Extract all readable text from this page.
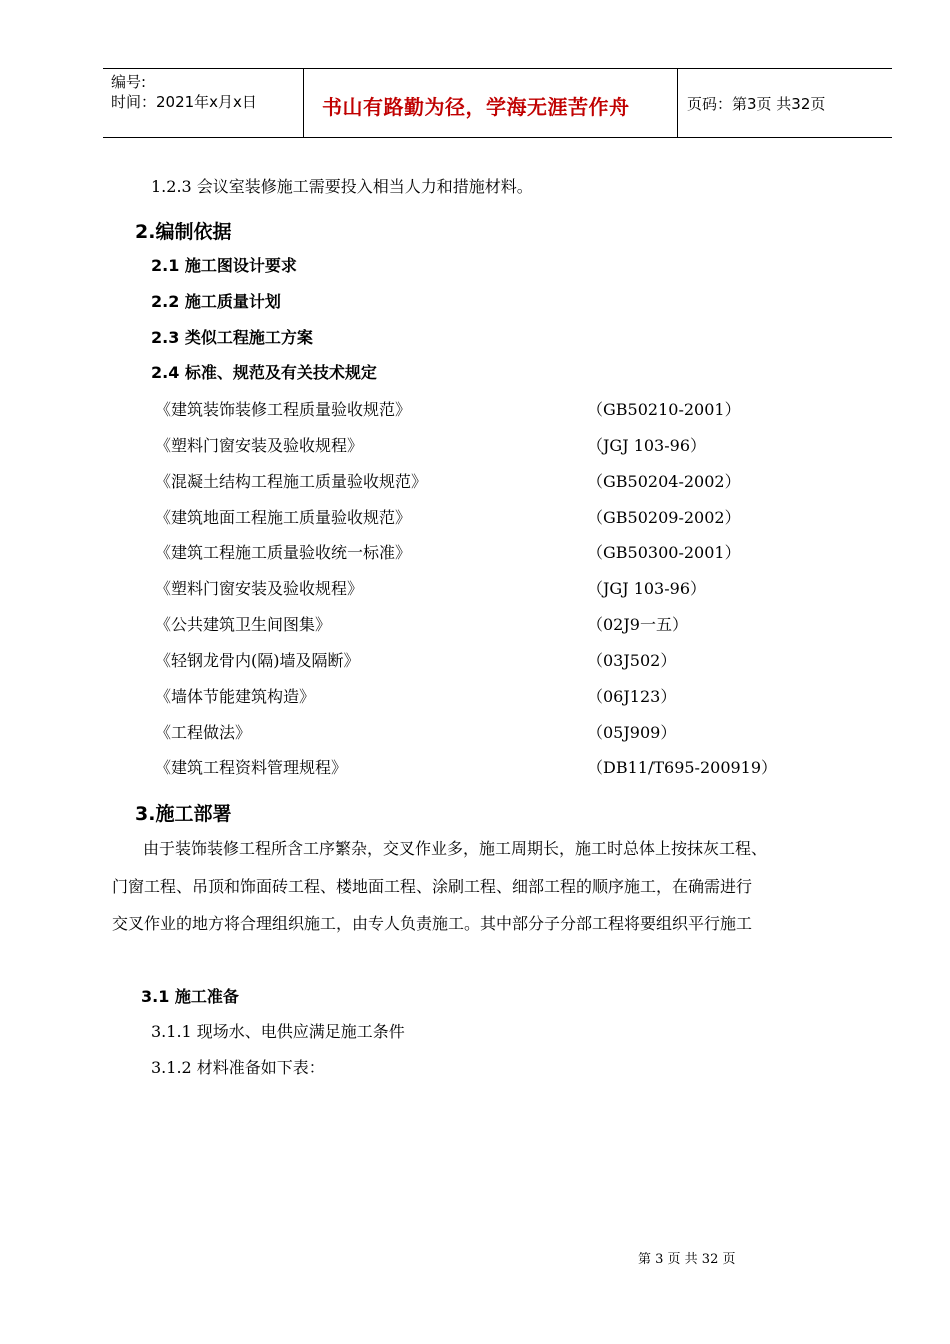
编号:
时间：2021年x月x日	书山有路勤为径，学海无涯苦作舟	页码：第3页 共32页
1.2.3 会议室装修施工需要投入相当人力和措施材料。
2.编制依据
2.1 施工图设计要求
2.2 施工质量计划
2.3 类似工程施工方案
2.4 标准、规范及有关技术规定
《建筑装饰装修工程质量验收规范》	（GB50210-2001）
《塑料门窗安装及验收规程》	（JGJ 103-96）
《混凝土结构工程施工质量验收规范》	（GB50204-2002）
《建筑地面工程施工质量验收规范》	（GB50209-2002）
《建筑工程施工质量验收统一标准》	（GB50300-2001）
《塑料门窗安装及验收规程》	（JGJ 103-96）
《公共建筑卫生间图集》	（02J9一五）
《轻钢龙骨内(隔)墙及隔断》	（03J502）
《墙体节能建筑构造》	（06J123）
《工程做法》	（05J909）
《建筑工程资料管理规程》	（DB11/T695-200919）
3.施工部署
由于装饰装修工程所含工序繁杂，交叉作业多，施工周期长，施工时总体上按抹灰工程、
门窗工程、吊顶和饰面砖工程、楼地面工程、涂刷工程、细部工程的顺序施工，在确需进行
交叉作业的地方将合理组织施工，由专人负责施工。其中部分子分部工程将要组织平行施工
3.1 施工准备
3.1.1 现场水、电供应满足施工条件
3.1.2 材料准备如下表：
第 3 页 共 32 页
